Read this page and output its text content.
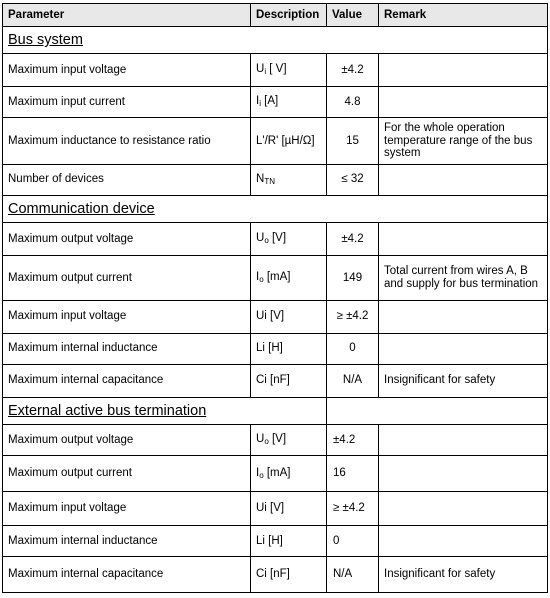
Parameter	Description	Value	Remark
Bus system			
Maximum input voltage	$U_i$ [ V]	±4.2	
Maximum input current	$I_i$ [A]	4.8	
Maximum inductance to resistance ratio	L'/R' [µH/Ω]	15	For the whole operation temperature range of the bus system
Number of devices	$N_{TN}$	≤ 32	
Communication device			
Maximum output voltage	$U_o$ [V]	±4.2	
Maximum output current	$I_o$ [mA]	149	Total current from wires A, B and supply for bus termination
Maximum input voltage	Ui [V]	≥ ±4.2	
Maximum internal inductance	Li [H]	0	
Maximum internal capacitance	Ci [nF]	N/A	Insignificant for safety
External active bus termination			
Maximum output voltage	$U_o$ [V]	±4.2	
Maximum output current	$I_o$ [mA]	16	
Maximum input voltage	Ui [V]	≥ ±4.2	
Maximum internal inductance	Li [H]	0	
Maximum internal capacitance	Ci [nF]	N/A	Insignificant for safety
